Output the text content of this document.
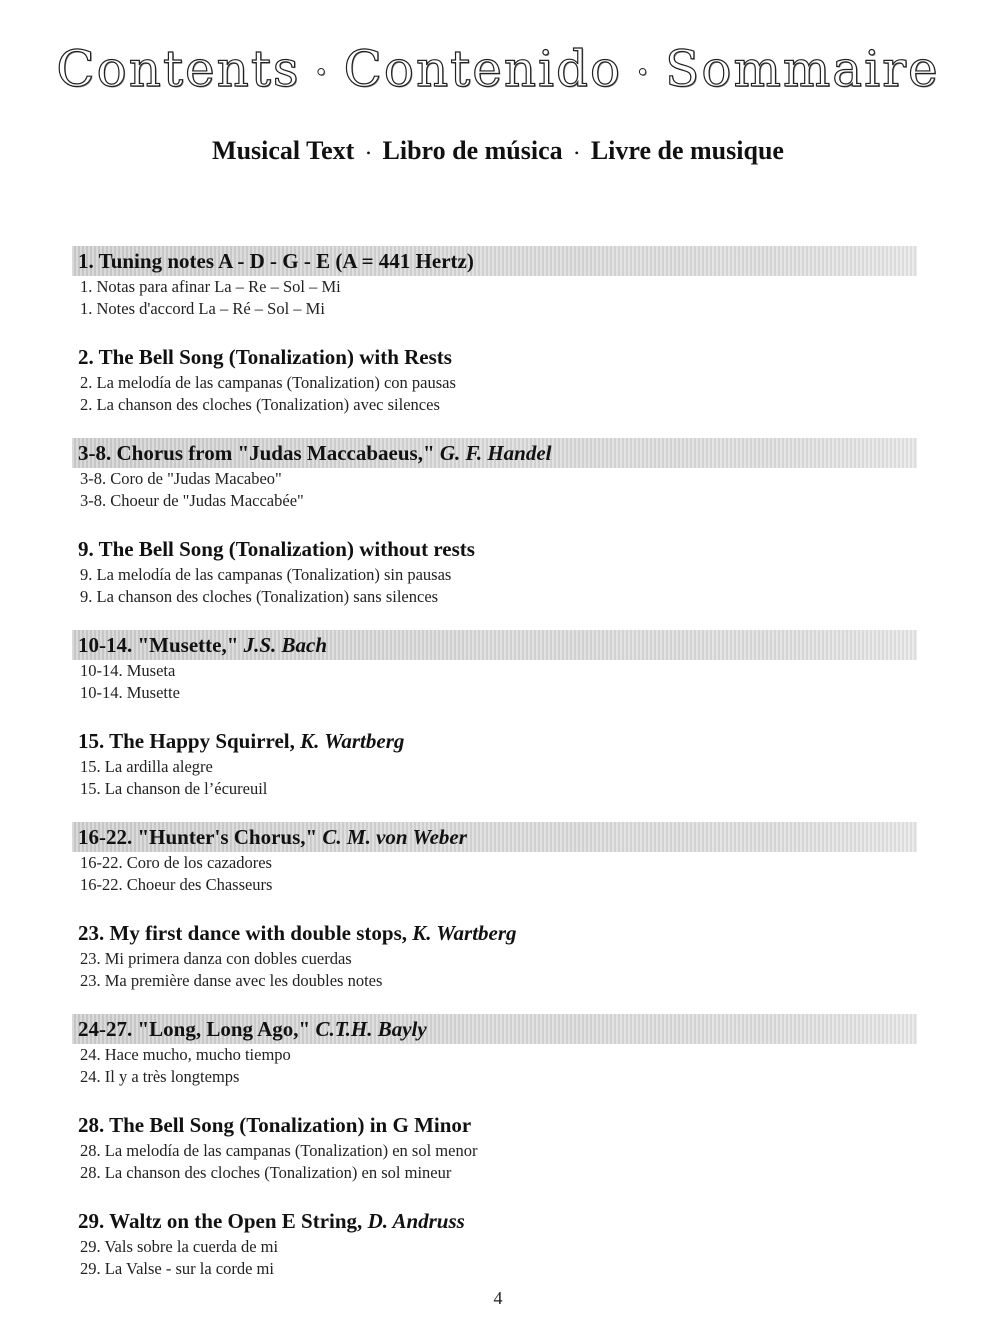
Contents • Contenido • Sommaire
Musical Text • Libro de música • Livre de musique
1. Tuning notes A - D - G - E (A = 441 Hertz)
1. Notas para afinar La – Re – Sol – Mi
1. Notes d'accord La – Ré – Sol – Mi
2. The Bell Song (Tonalization) with Rests
2. La melodía de las campanas (Tonalization) con pausas
2. La chanson des cloches (Tonalization) avec silences
3-8. Chorus from "Judas Maccabaeus," G. F. Handel
3-8. Coro de "Judas Macabeo"
3-8. Choeur de "Judas Maccabée"
9. The Bell Song (Tonalization) without rests
9. La melodía de las campanas (Tonalization) sin pausas
9. La chanson des cloches (Tonalization) sans silences
10-14. "Musette," J.S. Bach
10-14. Museta
10-14. Musette
15. The Happy Squirrel, K. Wartberg
15. La ardilla alegre
15. La chanson de l’écureuil
16-22. "Hunter's Chorus," C. M. von Weber
16-22. Coro de los cazadores
16-22. Choeur des Chasseurs
23. My first dance with double stops, K. Wartberg
23. Mi primera danza con dobles cuerdas
23. Ma première danse avec les doubles notes
24-27. "Long, Long Ago," C.T.H. Bayly
24. Hace mucho, mucho tiempo
24. Il y a très longtemps
28. The Bell Song (Tonalization) in G Minor
28. La melodía de las campanas (Tonalization) en sol menor
28. La chanson des cloches (Tonalization) en sol mineur
29. Waltz on the Open E String, D. Andruss
29. Vals sobre la cuerda de mi
29. La Valse - sur la corde mi
4
